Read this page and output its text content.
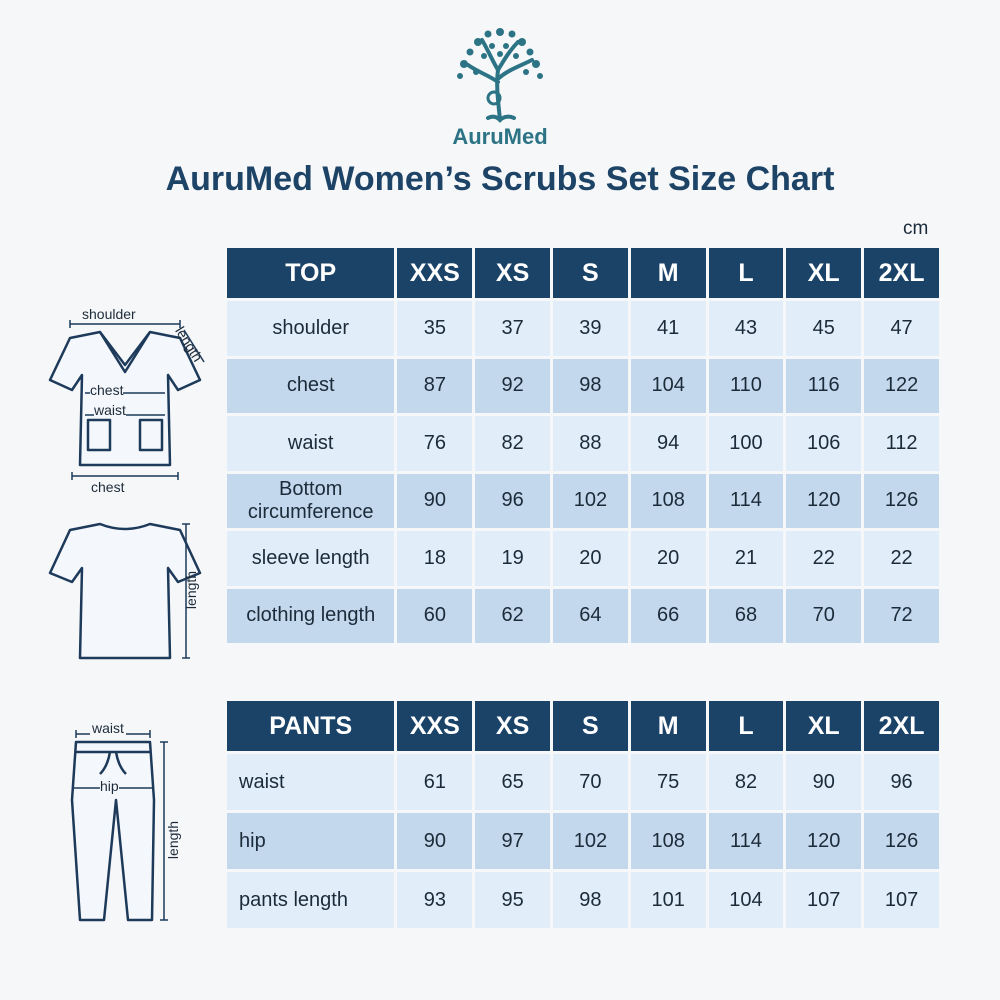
AuruMed
AuruMed Women’s Scrubs Set Size Chart
cm
TOP	XXS	XS	S	M	L	XL	2XL
shoulder	35	37	39	41	43	45	47
chest	87	92	98	104	110	116	122
waist	76	82	88	94	100	106	112
Bottom circumference	90	96	102	108	114	120	126
sleeve length	18	19	20	20	21	22	22
clothing length	60	62	64	66	68	70	72
PANTS	XXS	XS	S	M	L	XL	2XL
waist	61	65	70	75	82	90	96
hip	90	97	102	108	114	120	126
pants length	93	95	98	101	104	107	107
shoulder
chest
waist
chest
length
length
waist
hip
length
